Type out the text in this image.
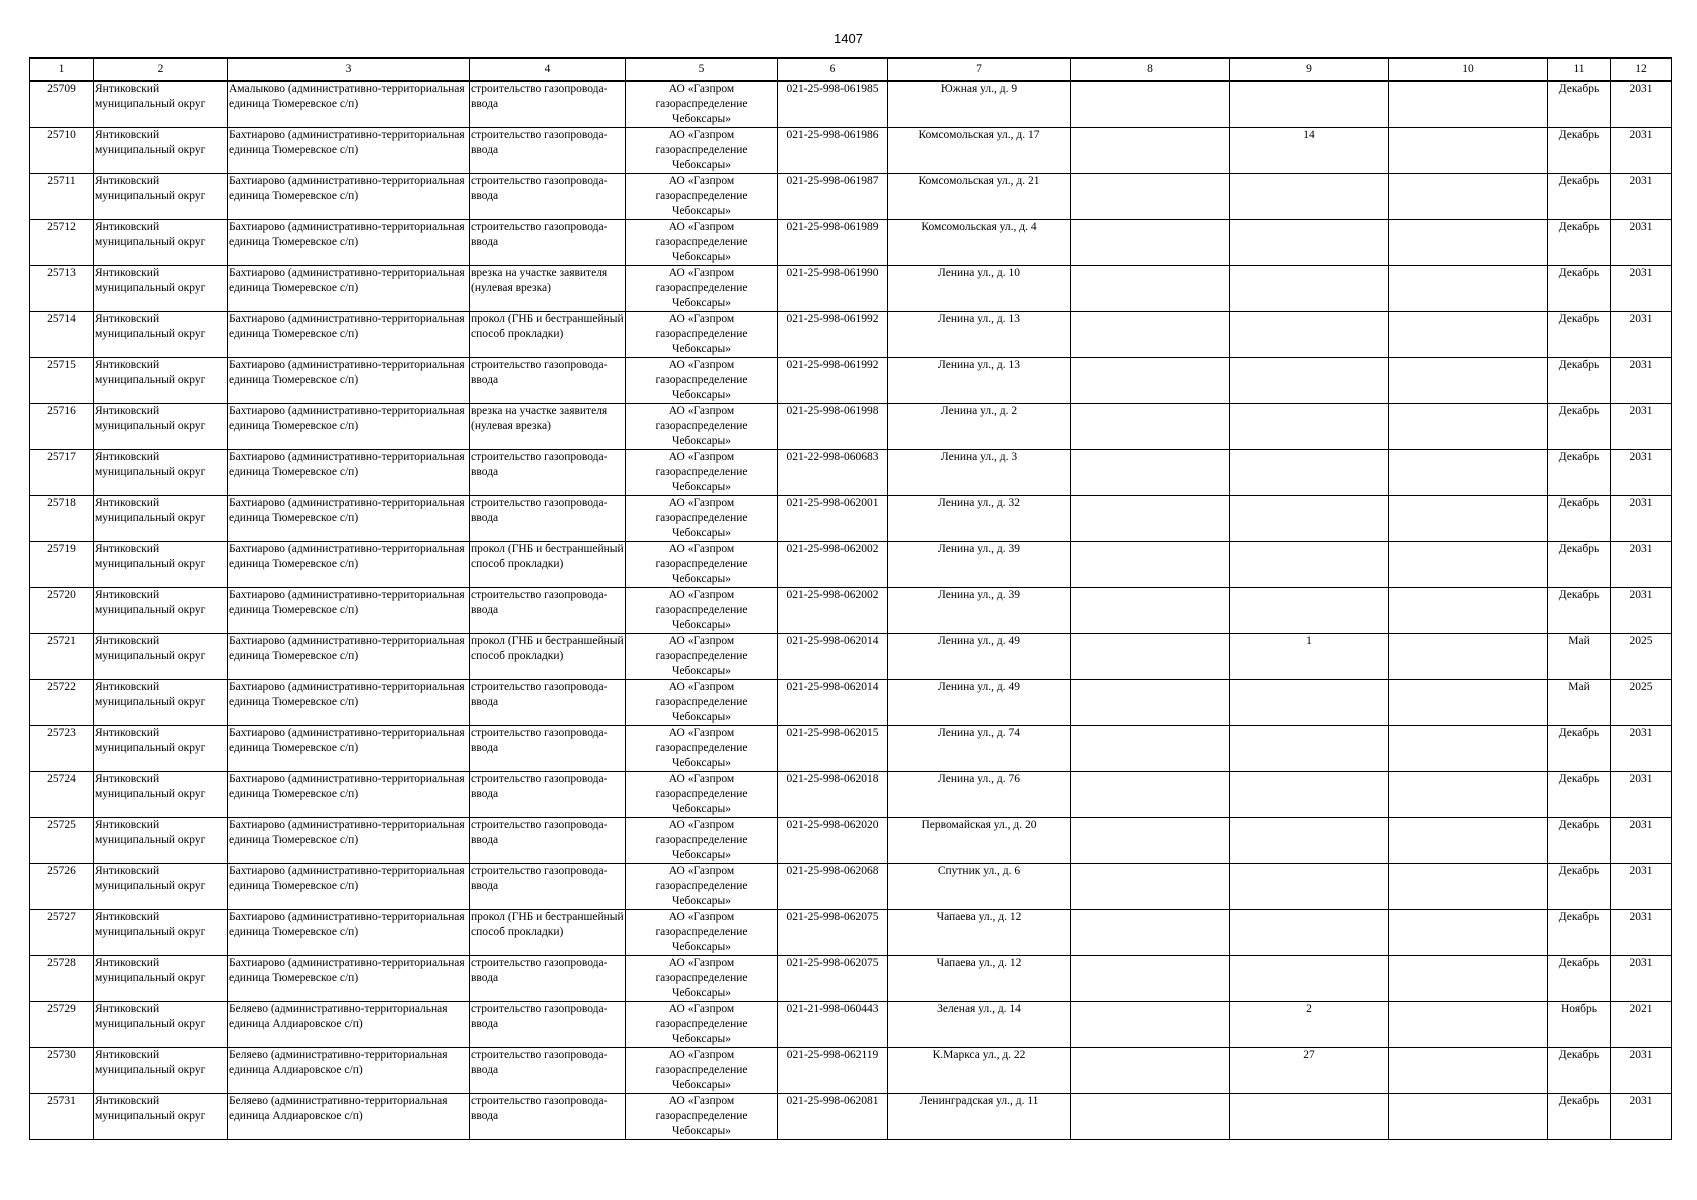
1407
1	2	3	4	5	6	7	8	9	10	11	12

25709	Янтиковский муниципальный округ	Амалыково (административно-территориальная единица Тюмеревское с/п)	строительство газопровода-ввода	АО «Газпром газораспределение Чебоксары»	021-25-998-061985	Южная ул., д. 9				Декабрь	2031

25710	Янтиковский муниципальный округ	Бахтиарово (административно-территориальная единица Тюмеревское с/п)	строительство газопровода-ввода	АО «Газпром газораспределение Чебоксары»	021-25-998-061986	Комсомольская ул., д. 17		14		Декабрь	2031

25711	Янтиковский муниципальный округ	Бахтиарово (административно-территориальная единица Тюмеревское с/п)	строительство газопровода-ввода	АО «Газпром газораспределение Чебоксары»	021-25-998-061987	Комсомольская ул., д. 21				Декабрь	2031

25712	Янтиковский муниципальный округ	Бахтиарово (административно-территориальная единица Тюмеревское с/п)	строительство газопровода-ввода	АО «Газпром газораспределение Чебоксары»	021-25-998-061989	Комсомольская ул., д. 4				Декабрь	2031

25713	Янтиковский муниципальный округ	Бахтиарово (административно-территориальная единица Тюмеревское с/п)	врезка на участке заявителя (нулевая врезка)	АО «Газпром газораспределение Чебоксары»	021-25-998-061990	Ленина ул., д. 10				Декабрь	2031

25714	Янтиковский муниципальный округ	Бахтиарово (административно-территориальная единица Тюмеревское с/п)	прокол (ГНБ и бестраншейный способ прокладки)	АО «Газпром газораспределение Чебоксары»	021-25-998-061992	Ленина ул., д. 13				Декабрь	2031

25715	Янтиковский муниципальный округ	Бахтиарово (административно-территориальная единица Тюмеревское с/п)	строительство газопровода-ввода	АО «Газпром газораспределение Чебоксары»	021-25-998-061992	Ленина ул., д. 13				Декабрь	2031

25716	Янтиковский муниципальный округ	Бахтиарово (административно-территориальная единица Тюмеревское с/п)	врезка на участке заявителя (нулевая врезка)	АО «Газпром газораспределение Чебоксары»	021-25-998-061998	Ленина ул., д. 2				Декабрь	2031

25717	Янтиковский муниципальный округ	Бахтиарово (административно-территориальная единица Тюмеревское с/п)	строительство газопровода-ввода	АО «Газпром газораспределение Чебоксары»	021-22-998-060683	Ленина ул., д. 3				Декабрь	2031

25718	Янтиковский муниципальный округ	Бахтиарово (административно-территориальная единица Тюмеревское с/п)	строительство газопровода-ввода	АО «Газпром газораспределение Чебоксары»	021-25-998-062001	Ленина ул., д. 32				Декабрь	2031

25719	Янтиковский муниципальный округ	Бахтиарово (административно-территориальная единица Тюмеревское с/п)	прокол (ГНБ и бестраншейный способ прокладки)	АО «Газпром газораспределение Чебоксары»	021-25-998-062002	Ленина ул., д. 39				Декабрь	2031

25720	Янтиковский муниципальный округ	Бахтиарово (административно-территориальная единица Тюмеревское с/п)	строительство газопровода-ввода	АО «Газпром газораспределение Чебоксары»	021-25-998-062002	Ленина ул., д. 39				Декабрь	2031

25721	Янтиковский муниципальный округ	Бахтиарово (административно-территориальная единица Тюмеревское с/п)	прокол (ГНБ и бестраншейный способ прокладки)	АО «Газпром газораспределение Чебоксары»	021-25-998-062014	Ленина ул., д. 49		1		Май	2025

25722	Янтиковский муниципальный округ	Бахтиарово (административно-территориальная единица Тюмеревское с/п)	строительство газопровода-ввода	АО «Газпром газораспределение Чебоксары»	021-25-998-062014	Ленина ул., д. 49				Май	2025

25723	Янтиковский муниципальный округ	Бахтиарово (административно-территориальная единица Тюмеревское с/п)	строительство газопровода-ввода	АО «Газпром газораспределение Чебоксары»	021-25-998-062015	Ленина ул., д. 74				Декабрь	2031

25724	Янтиковский муниципальный округ	Бахтиарово (административно-территориальная единица Тюмеревское с/п)	строительство газопровода-ввода	АО «Газпром газораспределение Чебоксары»	021-25-998-062018	Ленина ул., д. 76				Декабрь	2031

25725	Янтиковский муниципальный округ	Бахтиарово (административно-территориальная единица Тюмеревское с/п)	строительство газопровода-ввода	АО «Газпром газораспределение Чебоксары»	021-25-998-062020	Первомайская ул., д. 20				Декабрь	2031

25726	Янтиковский муниципальный округ	Бахтиарово (административно-территориальная единица Тюмеревское с/п)	строительство газопровода-ввода	АО «Газпром газораспределение Чебоксары»	021-25-998-062068	Спутник ул., д. 6				Декабрь	2031

25727	Янтиковский муниципальный округ	Бахтиарово (административно-территориальная единица Тюмеревское с/п)	прокол (ГНБ и бестраншейный способ прокладки)	АО «Газпром газораспределение Чебоксары»	021-25-998-062075	Чапаева ул., д. 12				Декабрь	2031

25728	Янтиковский муниципальный округ	Бахтиарово (административно-территориальная единица Тюмеревское с/п)	строительство газопровода-ввода	АО «Газпром газораспределение Чебоксары»	021-25-998-062075	Чапаева ул., д. 12				Декабрь	2031

25729	Янтиковский муниципальный округ	Беляево (административно-территориальная единица Алдиаровское с/п)	строительство газопровода-ввода	АО «Газпром газораспределение Чебоксары»	021-21-998-060443	Зеленая ул., д. 14		2		Ноябрь	2021

25730	Янтиковский муниципальный округ	Беляево (административно-территориальная единица Алдиаровское с/п)	строительство газопровода-ввода	АО «Газпром газораспределение Чебоксары»	021-25-998-062119	К.Маркса ул., д. 22		27		Декабрь	2031

25731	Янтиковский муниципальный округ	Беляево (административно-территориальная единица Алдиаровское с/п)	строительство газопровода-ввода	АО «Газпром газораспределение Чебоксары»	021-25-998-062081	Ленинградская ул., д. 11				Декабрь	2031
